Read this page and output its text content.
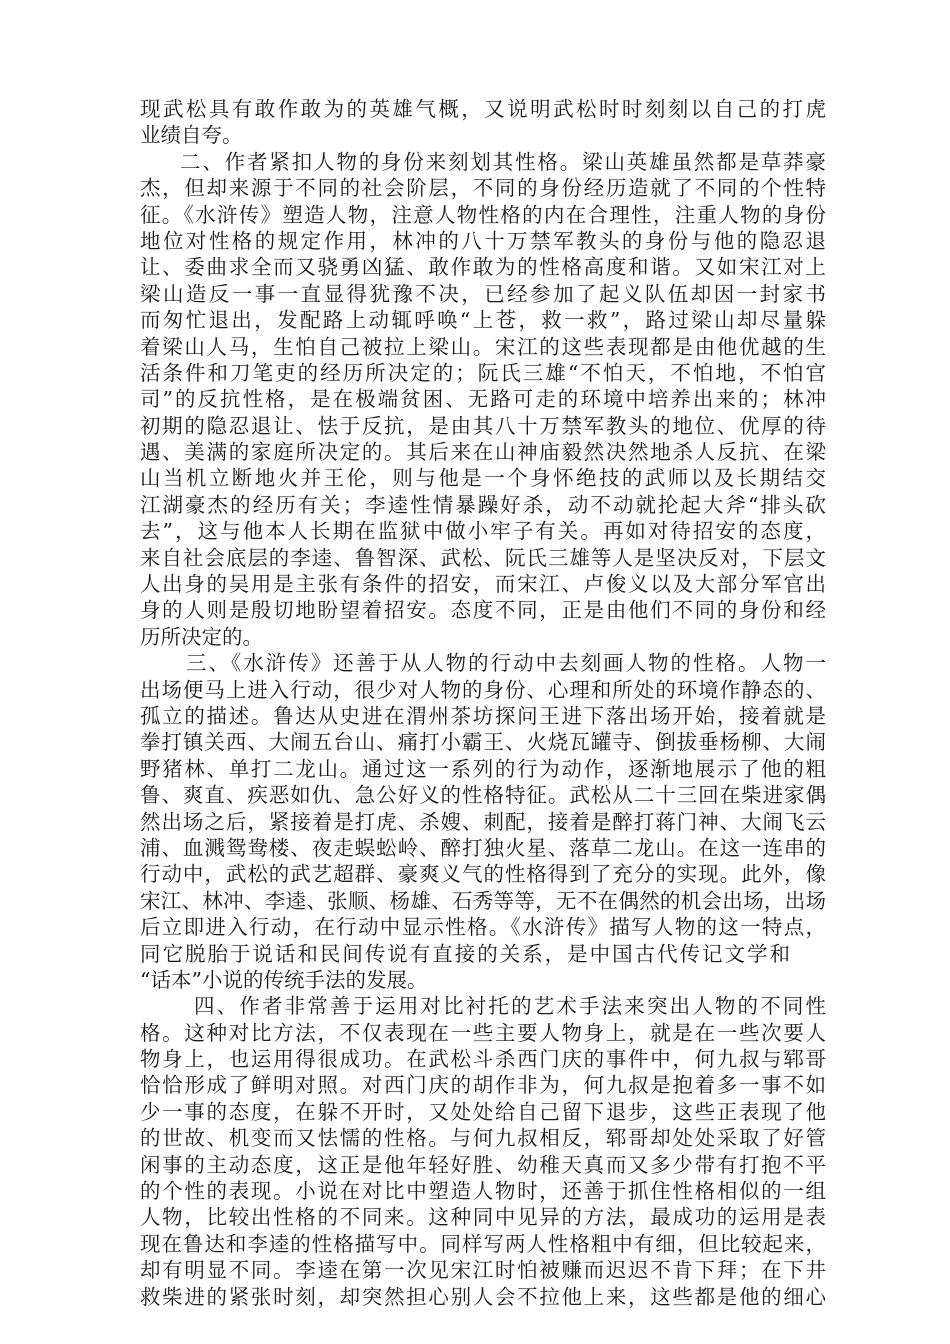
现武松具有敢作敢为的英雄气概，又说明武松时时刻刻以自己的打虎
业绩自夸。
二、作者紧扣人物的身份来刻划其性格。梁山英雄虽然都是草莽豪
杰，但却来源于不同的社会阶层，不同的身份经历造就了不同的个性特
征。《水浒传》塑造人物，注意人物性格的内在合理性，注重人物的身份
地位对性格的规定作用，林冲的八十万禁军教头的身份与他的隐忍退
让、委曲求全而又骁勇凶猛、敢作敢为的性格高度和谐。又如宋江对上
梁山造反一事一直显得犹豫不决，已经参加了起义队伍却因一封家书
而匆忙退出，发配路上动辄呼唤“上苍，救一救”，路过梁山却尽量躲
着梁山人马，生怕自己被拉上梁山。宋江的这些表现都是由他优越的生
活条件和刀笔吏的经历所决定的；阮氏三雄“不怕天，不怕地，不怕官
司”的反抗性格，是在极端贫困、无路可走的环境中培养出来的；林冲
初期的隐忍退让、怯于反抗，是由其八十万禁军教头的地位、优厚的待
遇、美满的家庭所决定的。其后来在山神庙毅然决然地杀人反抗、在梁
山当机立断地火并王伦，则与他是一个身怀绝技的武师以及长期结交
江湖豪杰的经历有关；李逵性情暴躁好杀，动不动就抡起大斧“排头砍
去”，这与他本人长期在监狱中做小牢子有关。再如对待招安的态度，
来自社会底层的李逵、鲁智深、武松、阮氏三雄等人是坚决反对，下层文
人出身的吴用是主张有条件的招安，而宋江、卢俊义以及大部分军官出
身的人则是殷切地盼望着招安。态度不同，正是由他们不同的身份和经
历所决定的。
三、《水浒传》还善于从人物的行动中去刻画人物的性格。人物一
出场便马上进入行动，很少对人物的身份、心理和所处的环境作静态的、
孤立的描述。鲁达从史进在渭州茶坊探问王进下落出场开始，接着就是
拳打镇关西、大闹五台山、痛打小霸王、火烧瓦罐寺、倒拔垂杨柳、大闹
野猪林、单打二龙山。通过这一系列的行为动作，逐渐地展示了他的粗
鲁、爽直、疾恶如仇、急公好义的性格特征。武松从二十三回在柴进家偶
然出场之后，紧接着是打虎、杀嫂、刺配，接着是醉打蒋门神、大闹飞云
浦、血溅鸳鸯楼、夜走蜈蚣岭、醉打独火星、落草二龙山。在这一连串的
行动中，武松的武艺超群、豪爽义气的性格得到了充分的实现。此外，像
宋江、林冲、李逵、张顺、杨雄、石秀等等，无不在偶然的机会出场，出场
后立即进入行动，在行动中显示性格。《水浒传》描写人物的这一特点，
同它脱胎于说话和民间传说有直接的关系，是中国古代传记文学和
“话本”小说的传统手法的发展。
四、作者非常善于运用对比衬托的艺术手法来突出人物的不同性
格。这种对比方法，不仅表现在一些主要人物身上，就是在一些次要人
物身上，也运用得很成功。在武松斗杀西门庆的事件中，何九叔与郓哥
恰恰形成了鲜明对照。对西门庆的胡作非为，何九叔是抱着多一事不如
少一事的态度，在躲不开时，又处处给自己留下退步，这些正表现了他
的世故、机变而又怯懦的性格。与何九叔相反，郓哥却处处采取了好管
闲事的主动态度，这正是他年轻好胜、幼稚天真而又多少带有打抱不平
的个性的表现。小说在对比中塑造人物时，还善于抓住性格相似的一组
人物，比较出性格的不同来。这种同中见异的方法，最成功的运用是表
现在鲁达和李逵的性格描写中。同样写两人性格粗中有细，但比较起来，
却有明显不同。李逵在第一次见宋江时怕被赚而迟迟不肯下拜；在下井
救柴进的紧张时刻，却突然担心别人会不拉他上来，这些都是他的细心
